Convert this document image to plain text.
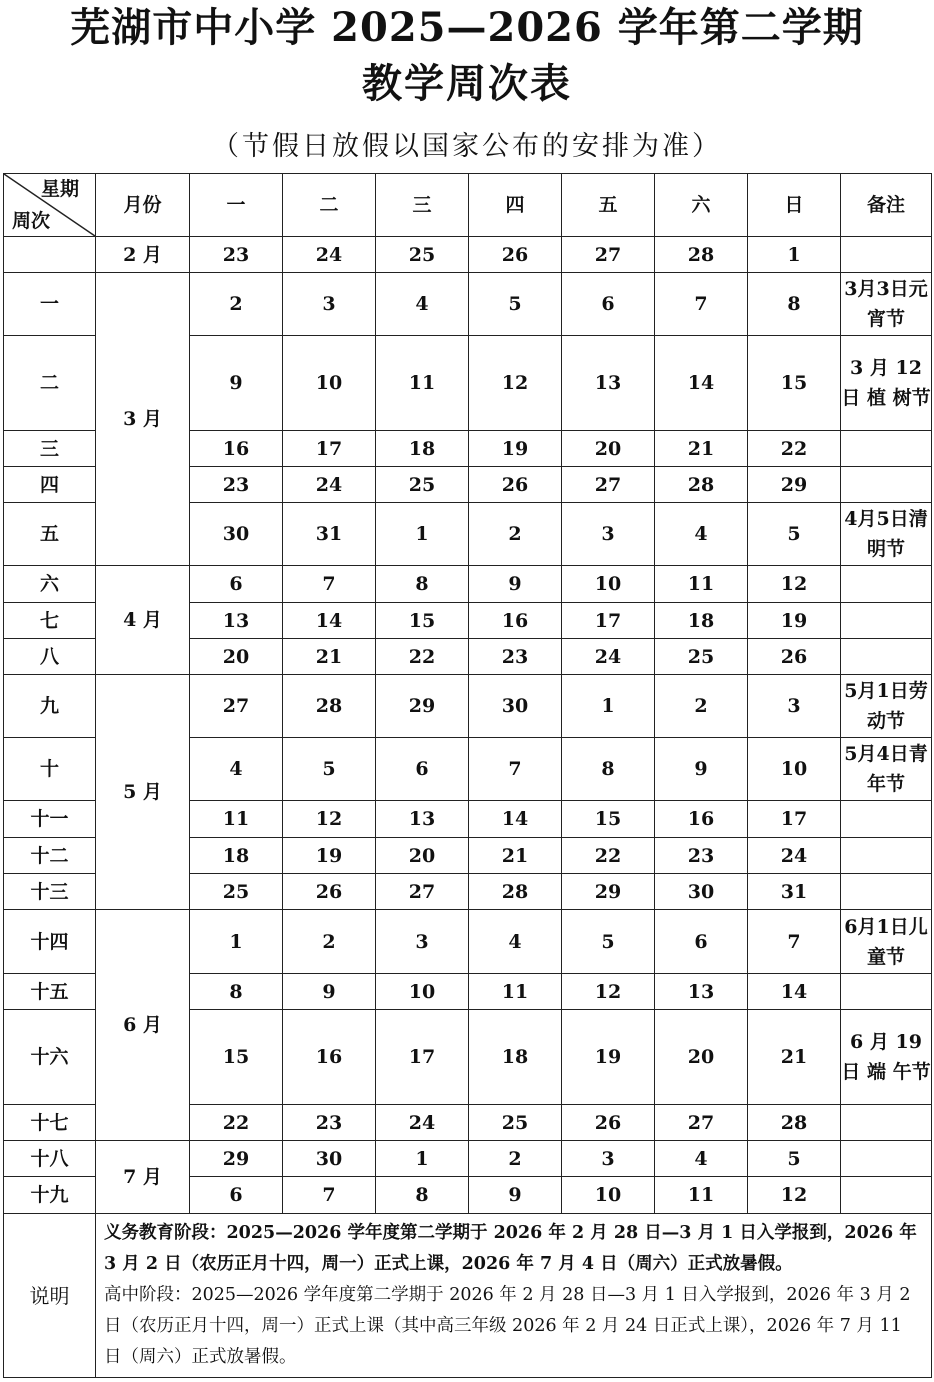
芜湖市中小学 2025—2026 学年第二学期
教学周次表
（节假日放假以国家公布的安排为准）
星期
周次	月份	一	二	三	四	五	六	日	备注
	2 月	23	24	25	26	27	28	1	
一	3 月	2	3	4	5	6	7	8	3月3日元宵节
二		9	10	11	12	13	14	15	3 月 12 日 植 树节
三		16	17	18	19	20	21	22	
四		23	24	25	26	27	28	29	
五		30	31	1	2	3	4	5	4月5日清明节
六	4 月	6	7	8	9	10	11	12	
七		13	14	15	16	17	18	19	
八		20	21	22	23	24	25	26	
九	5 月	27	28	29	30	1	2	3	5月1日劳动节
十		4	5	6	7	8	9	10	5月4日青年节
十一		11	12	13	14	15	16	17	
十二		18	19	20	21	22	23	24	
十三		25	26	27	28	29	30	31	
十四	6 月	1	2	3	4	5	6	7	6月1日儿童节
十五		8	9	10	11	12	13	14	
十六		15	16	17	18	19	20	21	6 月 19 日 端 午节
十七		22	23	24	25	26	27	28	
十八	7 月	29	30	1	2	3	4	5	
十九		6	7	8	9	10	11	12	
说明	义务教育阶段：2025—2026 学年度第二学期于 2026 年 2 月 28 日—3 月 1 日入学报到，2026 年 3 月 2 日（农历正月十四，周一）正式上课，2026 年 7 月 4 日（周六）正式放暑假。
高中阶段：2025—2026 学年度第二学期于 2026 年 2 月 28 日—3 月 1 日入学报到，2026 年 3 月 2 日（农历正月十四，周一）正式上课（其中高三年级 2026 年 2 月 24 日正式上课），2026 年 7 月 11 日（周六）正式放暑假。								
